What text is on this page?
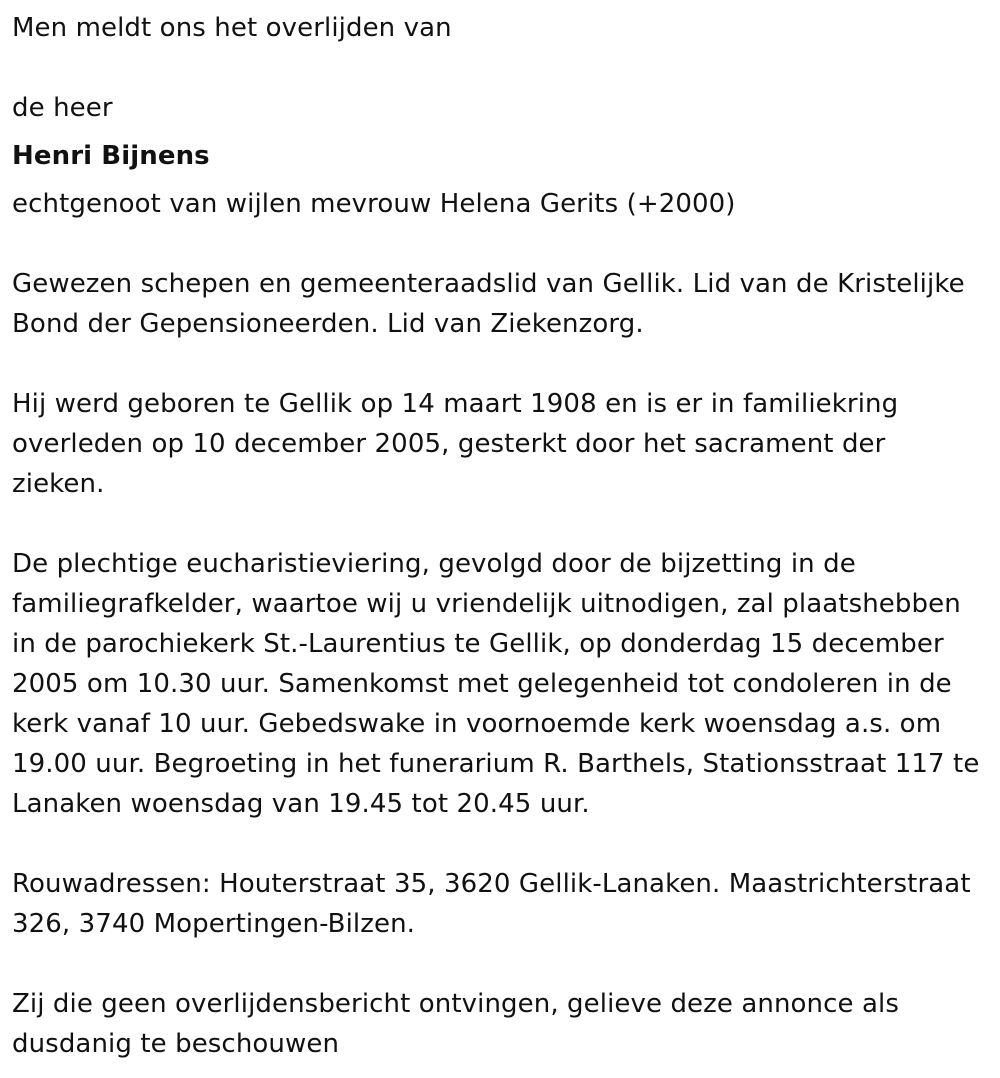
Men meldt ons het overlijden van

de heer

Henri Bijnens

echtgenoot van wijlen mevrouw Helena Gerits (+2000)

Gewezen schepen en gemeenteraadslid van Gellik. Lid van de Kristelijke
Bond der Gepensioneerden. Lid van Ziekenzorg.

Hij werd geboren te Gellik op 14 maart 1908 en is er in familiekring
overleden op 10 december 2005, gesterkt door het sacrament der
zieken.

De plechtige eucharistieviering, gevolgd door de bijzetting in de
familiegrafkelder, waartoe wij u vriendelijk uitnodigen, zal plaatshebben
in de parochiekerk St.-Laurentius te Gellik, op donderdag 15 december
2005 om 10.30 uur. Samenkomst met gelegenheid tot condoleren in de
kerk vanaf 10 uur. Gebedswake in voornoemde kerk woensdag a.s. om
19.00 uur. Begroeting in het funerarium R. Barthels, Stationsstraat 117 te
Lanaken woensdag van 19.45 tot 20.45 uur.

Rouwadressen: Houterstraat 35, 3620 Gellik-Lanaken. Maastrichterstraat
326, 3740 Mopertingen-Bilzen.

Zij die geen overlijdensbericht ontvingen, gelieve deze annonce als
dusdanig te beschouwen
